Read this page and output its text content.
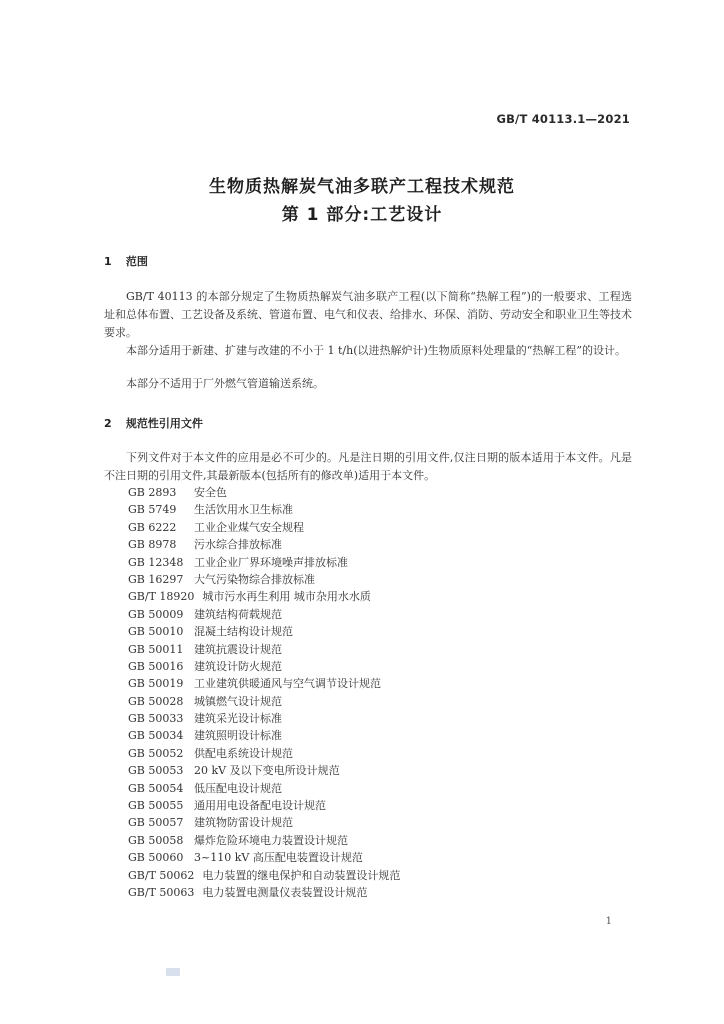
GB/T 40113.1—2021
生物质热解炭气油多联产工程技术规范
第 1 部分:工艺设计
1 范围
GB/T 40113 的本部分规定了生物质热解炭气油多联产工程(以下简称“热解工程”)的一般要求、工程选址和总体布置、工艺设备及系统、管道布置、电气和仪表、给排水、环保、消防、劳动安全和职业卫生等技术要求。
本部分适用于新建、扩建与改建的不小于 1 t/h(以进热解炉计)生物质原料处理量的“热解工程”的设计。
本部分不适用于厂外燃气管道输送系统。
2 规范性引用文件
下列文件对于本文件的应用是必不可少的。凡是注日期的引用文件,仅注日期的版本适用于本文件。凡是不注日期的引用文件,其最新版本(包括所有的修改单)适用于本文件。
GB 2893 安全色
GB 5749 生活饮用水卫生标准
GB 6222 工业企业煤气安全规程
GB 8978 污水综合排放标准
GB 12348 工业企业厂界环境噪声排放标准
GB 16297 大气污染物综合排放标准
GB/T 18920 城市污水再生利用 城市杂用水水质
GB 50009 建筑结构荷载规范
GB 50010 混凝土结构设计规范
GB 50011 建筑抗震设计规范
GB 50016 建筑设计防火规范
GB 50019 工业建筑供暖通风与空气调节设计规范
GB 50028 城镇燃气设计规范
GB 50033 建筑采光设计标准
GB 50034 建筑照明设计标准
GB 50052 供配电系统设计规范
GB 50053 20 kV 及以下变电所设计规范
GB 50054 低压配电设计规范
GB 50055 通用用电设备配电设计规范
GB 50057 建筑物防雷设计规范
GB 50058 爆炸危险环境电力装置设计规范
GB 50060 3~110 kV 高压配电装置设计规范
GB/T 50062 电力装置的继电保护和自动装置设计规范
GB/T 50063 电力装置电测量仪表装置设计规范
1
